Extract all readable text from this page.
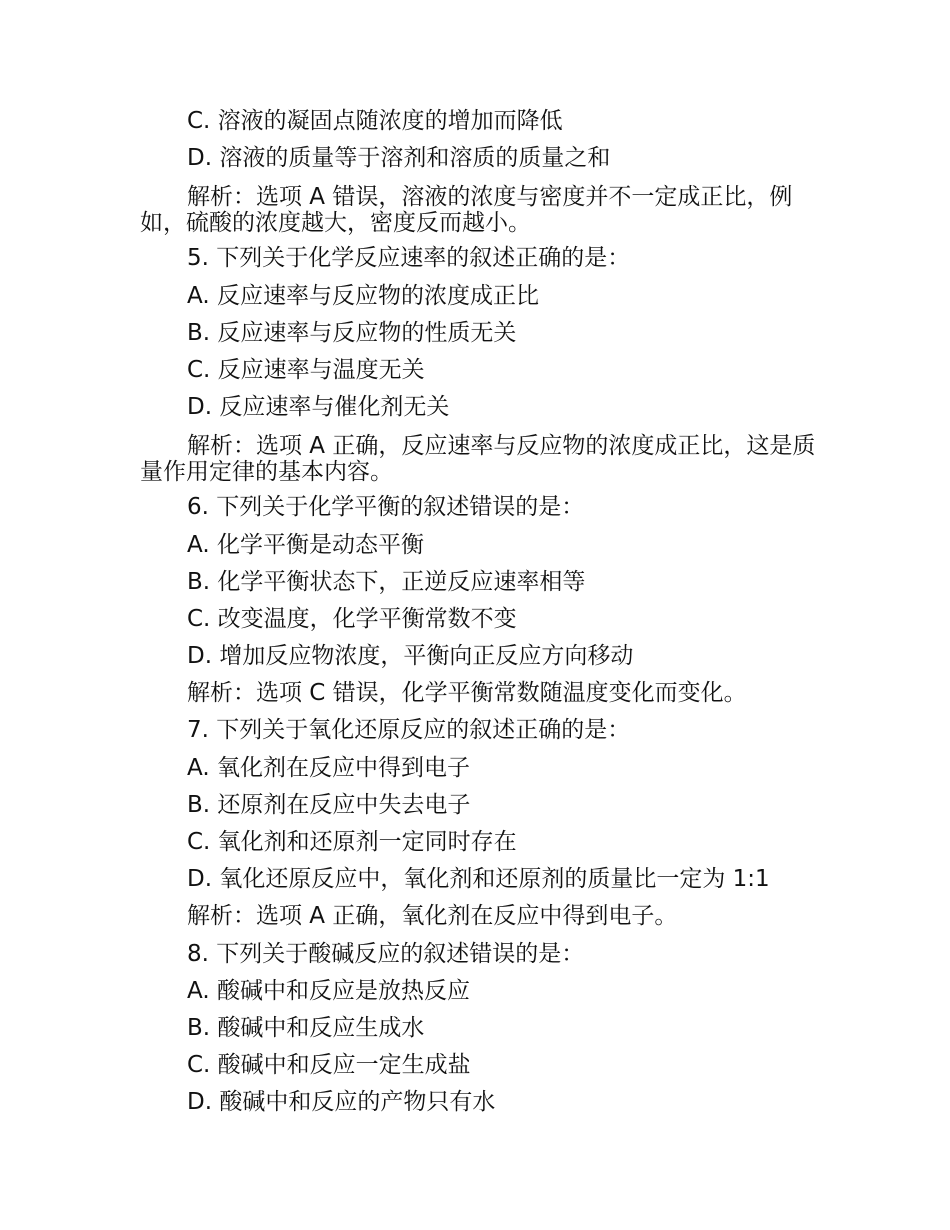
C. 溶液的凝固点随浓度的增加而降低
D. 溶液的质量等于溶剂和溶质的质量之和
解析：选项 A 错误，溶液的浓度与密度并不一定成正比，例如，硫酸的浓度越大，密度反而越小。
5. 下列关于化学反应速率的叙述正确的是：
A. 反应速率与反应物的浓度成正比
B. 反应速率与反应物的性质无关
C. 反应速率与温度无关
D. 反应速率与催化剂无关
解析：选项 A 正确，反应速率与反应物的浓度成正比，这是质量作用定律的基本内容。
6. 下列关于化学平衡的叙述错误的是：
A. 化学平衡是动态平衡
B. 化学平衡状态下，正逆反应速率相等
C. 改变温度，化学平衡常数不变
D. 增加反应物浓度，平衡向正反应方向移动
解析：选项 C 错误，化学平衡常数随温度变化而变化。
7. 下列关于氧化还原反应的叙述正确的是：
A. 氧化剂在反应中得到电子
B. 还原剂在反应中失去电子
C. 氧化剂和还原剂一定同时存在
D. 氧化还原反应中，氧化剂和还原剂的质量比一定为 1:1
解析：选项 A 正确，氧化剂在反应中得到电子。
8. 下列关于酸碱反应的叙述错误的是：
A. 酸碱中和反应是放热反应
B. 酸碱中和反应生成水
C. 酸碱中和反应一定生成盐
D. 酸碱中和反应的产物只有水
